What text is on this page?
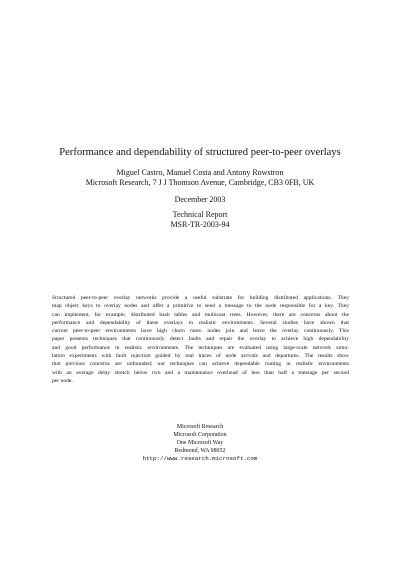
Performance and dependability of structured peer-to-peer overlays
Miguel Castro, Manuel Costa and Antony Rowstron
Microsoft Research, 7 J J Thomson Avenue, Cambridge, CB3 0FB, UK
December 2003
Technical Report
MSR-TR-2003-94
Structured peer-to-peer overlay networks provide a useful substrate for building distributed applications. They
map object keys to overlay nodes and offer a primitive to send a message to the node responsible for a key. They
can implement, for example, distributed hash tables and multicast trees. However, there are concerns about the
performance and dependability of these overlays in realistic environments. Several studies have shown that
current peer-to-peer environments have high churn rates: nodes join and leave the overlay continuously. This
paper presents techniques that continuously detect faults and repair the overlay to achieve high dependability
and good performance in realistic environments. The techniques are evaluated using large-scale network simu-
lation experiments with fault injection guided by real traces of node arrivals and departures. The results show
that previous concerns are unfounded; our techniques can achieve dependable routing in realistic environments
with an average delay stretch below two and a maintenance overhead of less than half a message per second
per node.
Microsoft Research
Microsoft Corporation
One Microsoft Way
Redmond, WA 98052
http://www.research.microsoft.com
